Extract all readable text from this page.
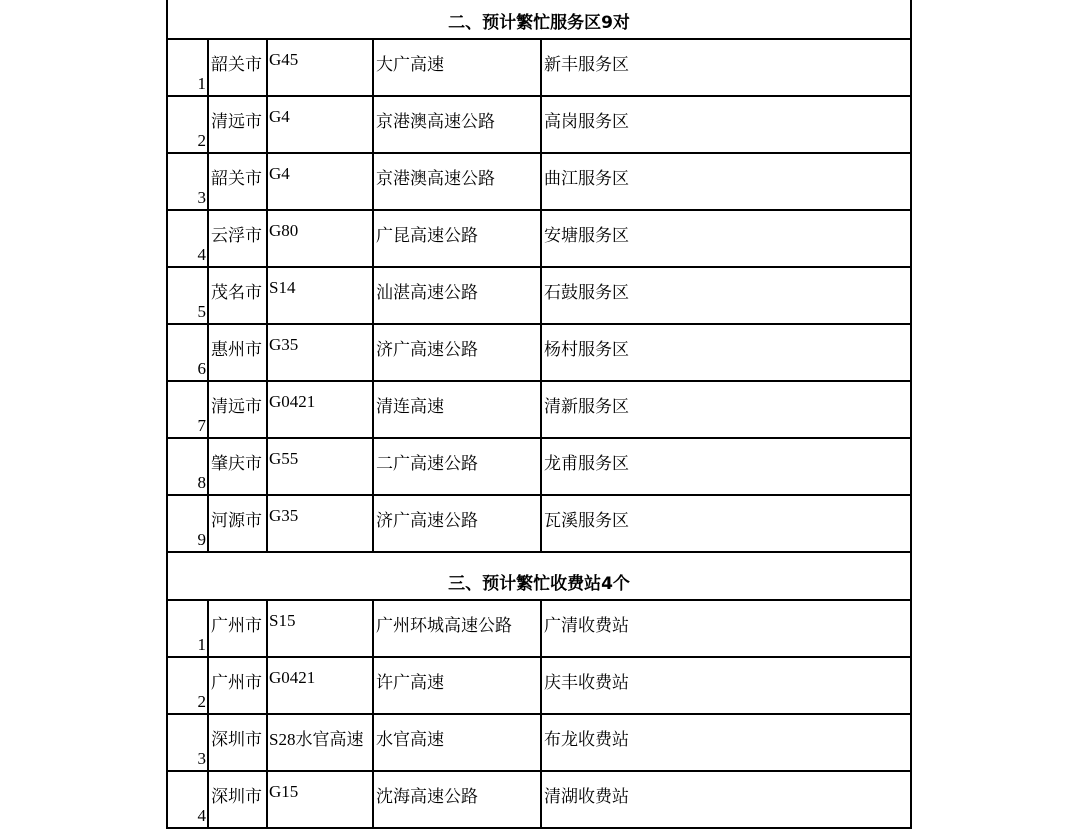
二、预计繁忙服务区9对				
1	韶关市	G45	大广高速	新丰服务区
2	清远市	G4	京港澳高速公路	高岗服务区
3	韶关市	G4	京港澳高速公路	曲江服务区
4	云浮市	G80	广昆高速公路	安塘服务区
5	茂名市	S14	汕湛高速公路	石鼓服务区
6	惠州市	G35	济广高速公路	杨村服务区
7	清远市	G0421	清连高速	清新服务区
8	肇庆市	G55	二广高速公路	龙甫服务区
9	河源市	G35	济广高速公路	瓦溪服务区
三、预计繁忙收费站4个				
1	广州市	S15	广州环城高速公路	广清收费站
2	广州市	G0421	许广高速	庆丰收费站
3	深圳市	S28水官高速	水官高速	布龙收费站
4	深圳市	G15	沈海高速公路	清湖收费站
